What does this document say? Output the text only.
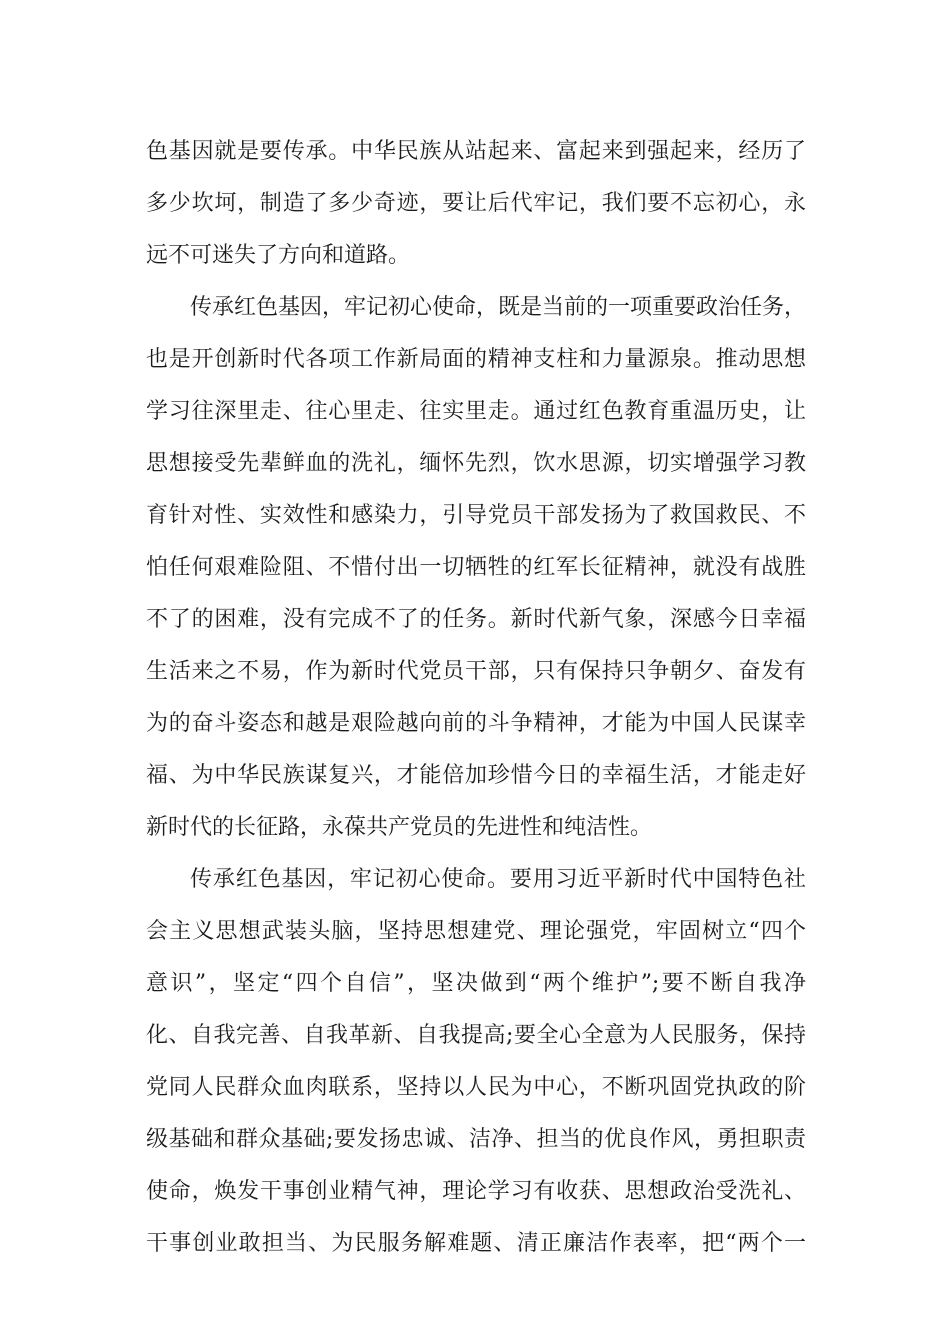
色基因就是要传承。中华民族从站起来、富起来到强起来，经历了
多少坎坷，制造了多少奇迹，要让后代牢记，我们要不忘初心，永
远不可迷失了方向和道路。
传承红色基因，牢记初心使命，既是当前的一项重要政治任务，
也是开创新时代各项工作新局面的精神支柱和力量源泉。推动思想
学习往深里走、往心里走、往实里走。通过红色教育重温历史，让
思想接受先辈鲜血的洗礼，缅怀先烈，饮水思源，切实增强学习教
育针对性、实效性和感染力，引导党员干部发扬为了救国救民、不
怕任何艰难险阻、不惜付出一切牺牲的红军长征精神，就没有战胜
不了的困难，没有完成不了的任务。新时代新气象，深感今日幸福
生活来之不易，作为新时代党员干部，只有保持只争朝夕、奋发有
为的奋斗姿态和越是艰险越向前的斗争精神，才能为中国人民谋幸
福、为中华民族谋复兴，才能倍加珍惜今日的幸福生活，才能走好
新时代的长征路，永葆共产党员的先进性和纯洁性。
传承红色基因，牢记初心使命。要用习近平新时代中国特色社
会主义思想武装头脑，坚持思想建党、理论强党，牢固树立“四个
意识”，坚定“四个自信”，坚决做到“两个维护”;要不断自我净
化、自我完善、自我革新、自我提高;要全心全意为人民服务，保持
党同人民群众血肉联系，坚持以人民为中心，不断巩固党执政的阶
级基础和群众基础;要发扬忠诚、洁净、担当的优良作风，勇担职责
使命，焕发干事创业精气神，理论学习有收获、思想政治受洗礼、
干事创业敢担当、为民服务解难题、清正廉洁作表率，把“两个一
